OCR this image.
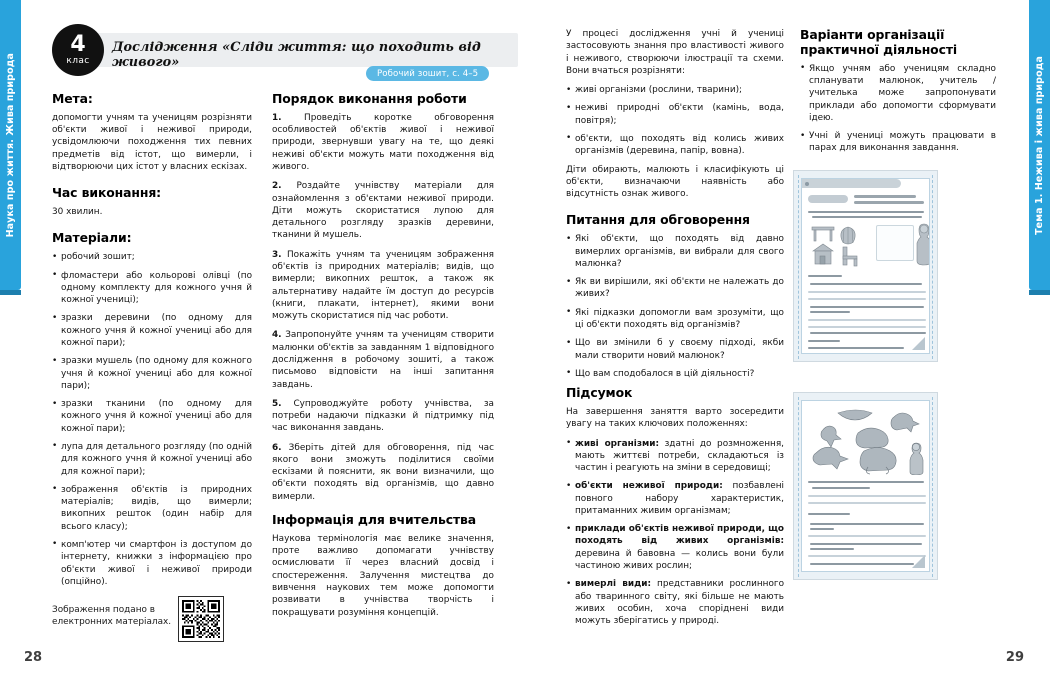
Наука про життя. Жива природа	Тема 1. Нежива і жива природа
4
клас
Дослідження «Сліди життя: що походить від живого»
Робочий зошит, с. 4–5
Мета:

допомогти учням та ученицям розрізняти об'єкти живої і неживої природи, усвідомлюючи походження тих певних предметів від істот, що вимерли, і відтворюючи цих істот у власних ескізах.

Час виконання:

30 хвилин.

Матеріали:
• робочий зошит;
• фломастери або кольорові олівці (по одному комплекту для кожного учня й кожної учениці);
• зразки деревини (по одному для кожного учня й кожної учениці або для кожної пари);
• зразки мушель (по одному для кожного учня й кожної учениці або для кожної пари);
• зразки тканини (по одному для кожного учня й кожної учениці або для кожної пари);
• лупа для детального розгляду (по одній для кожного учня й кожної учениці або для кожної пари);
• зображення об'єктів із природних матеріалів; видів, що вимерли; викопних решток (один набір для всього класу);
• комп'ютер чи смартфон із доступом до інтернету, книжки з інформацією про об'єкти живої і неживої природи (опційно).
Зображення подано в електронних матеріалах.
Порядок виконання роботи
1.	Проведіть коротке обговорення особливостей об'єктів живої і неживої природи, звернувши увагу на те, що деякі неживі об'єкти можуть мати походження від живого.
2. Роздайте учнівству матеріали для ознайомлення з об'єктами неживої природи. Діти можуть скористатися лупою для детального розгляду зразків деревини, тканини й мушель.
3. Покажіть учням та ученицям зображення об'єктів із природних матеріалів; видів, що вимерли; викопних решток, а також як альтернативу надайте їм доступ до ресурсів (книги, плакати, інтернет), якими вони можуть скористатися під час роботи.
4. Запропонуйте учням та ученицям створити малюнки об'єктів за завданням 1 відповідного дослідження в робочому зошиті, а також письмово відповісти на інші запитання завдань.
5. Супроводжуйте роботу учнівства, за потреби надаючи підказки й підтримку під час виконання завдань.
6. Зберіть дітей для обговорення, під час якого вони зможуть поділитися своїми ескізами й пояснити, як вони визначили, що об'єкти походять від організмів, що давно вимерли.
Інформація для вчительства

Наукова термінологія має велике значення, проте важливо допомагати учнівству осмислювати її через власний досвід і спостереження. Залучення мистецтва до вивчення наукових тем може допомогти розвивати в учнівства творчість і покращувати розуміння концепцій.

У процесі дослідження учні й учениці застосовують знання про властивості живого і неживого, створюючи ілюстрації та схеми. Вони вчаться розрізняти:

• живі організми (рослини, тварини);
• неживі природні об'єкти (камінь, вода, повітря);
• об'єкти, що походять від колись живих організмів (деревина, папір, вовна).

Діти обирають, малюють і класифікують ці об'єкти, визначаючи наявність або відсутність ознак живого.

Питання для обговорення
• Які об'єкти, що походять від давно вимерлих організмів, ви вибрали для свого малюнка?
• Як ви вирішили, які об'єкти не належать до живих?
• Які підказки допомогли вам зрозуміти, що ці об'єкти походять від організмів?
• Що ви змінили б у своєму підході, якби мали створити новий малюнок?
• Що вам сподобалося в цій діяльності?
Підсумок

На завершення заняття варто зосередити увагу на таких ключових положеннях:

• живі організми: здатні до розмноження, мають життєві потреби, складаються із частин і реагують на зміни в середовищі;
• об'єкти неживої природи: позбавлені повного набору характеристик, притаманних живим організмам;
• приклади об'єктів неживої природи, що походять від живих організмів: деревина й бавовна — колись вони були частиною живих рослин;
• вимерлі види: представники рослинного або тваринного світу, які більше не мають живих особин, хоча споріднені види можуть зберігатись у природі.
Варіанти організації практичної діяльності
• Якщо учням або ученицям складно спланувати малюнок, учитель / учителька може запропонувати приклади або допомогти сформувати ідею.
• Учні й учениці можуть працювати в парах для виконання завдання.
28	29
